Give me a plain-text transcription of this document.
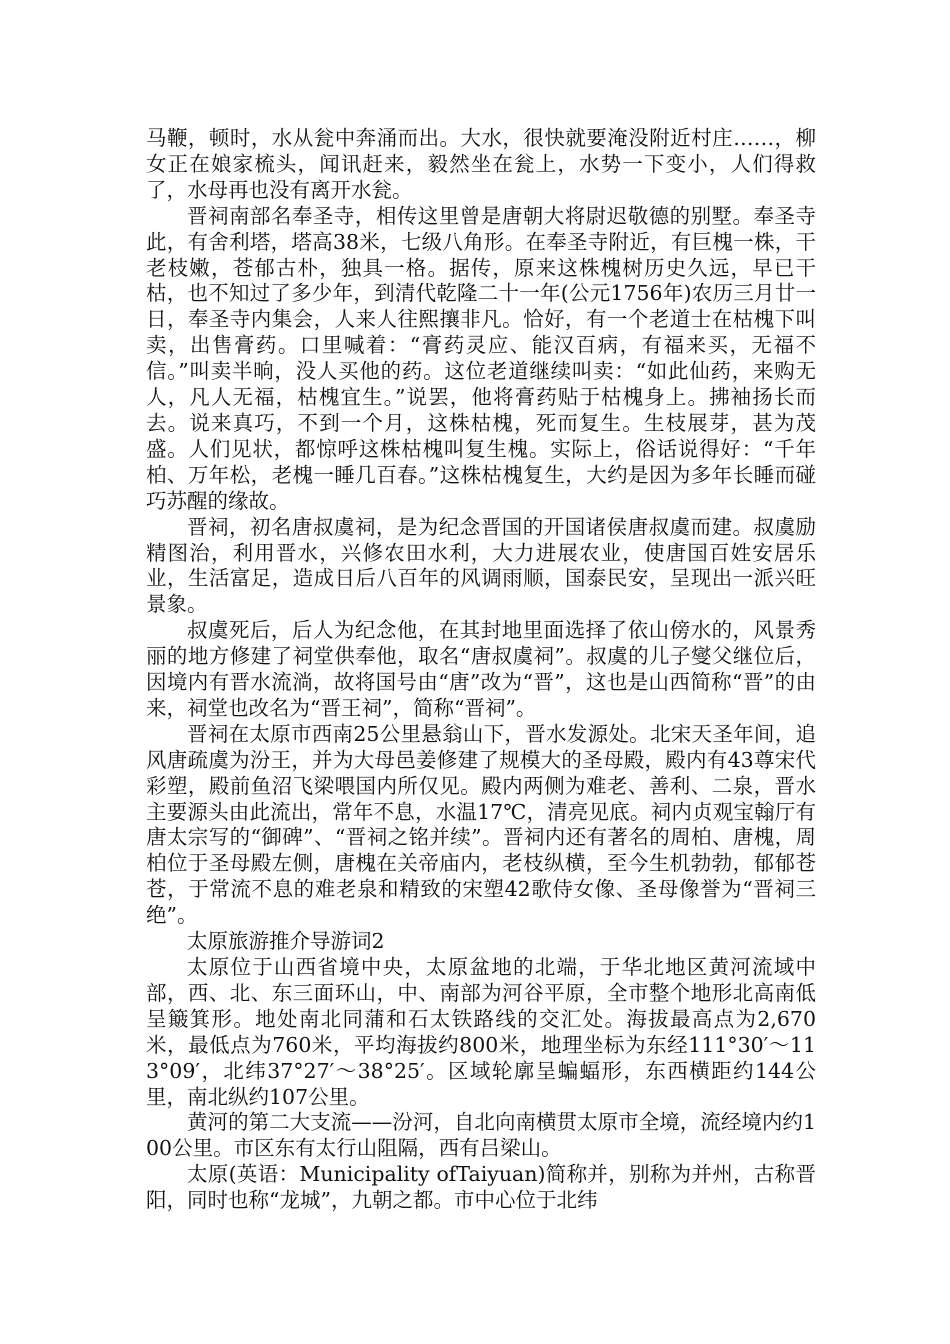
马鞭，顿时，水从瓮中奔涌而出。大水，很快就要淹没附近村庄……，柳女正在娘家梳头，闻讯赶来，毅然坐在瓮上，水势一下变小，人们得救了，水母再也没有离开水瓮。

晋祠南部名奉圣寺，相传这里曾是唐朝大将尉迟敬德的别墅。奉圣寺此，有舍利塔，塔高38米，七级八角形。在奉圣寺附近，有巨槐一株，干老枝嫩，苍郁古朴，独具一格。据传，原来这株槐树历史久远，早已干枯，也不知过了多少年，到清代乾隆二十一年(公元1756年)农历三月廿一日，奉圣寺内集会，人来人往熙攘非凡。恰好，有一个老道士在枯槐下叫卖，出售膏药。口里喊着：“膏药灵应、能汉百病，有福来买，无福不信。”叫卖半晌，没人买他的药。这位老道继续叫卖：“如此仙药，来购无人，凡人无福，枯槐宜生。”说罢，他将膏药贴于枯槐身上。拂袖扬长而去。说来真巧，不到一个月，这株枯槐，死而复生。生枝展芽，甚为茂盛。人们见状，都惊呼这株枯槐叫复生槐。实际上，俗话说得好：“千年柏、万年松，老槐一睡几百春。”这株枯槐复生，大约是因为多年长睡而碰巧苏醒的缘故。

晋祠，初名唐叔虞祠，是为纪念晋国的开国诸侯唐叔虞而建。叔虞励精图治，利用晋水，兴修农田水利，大力进展农业，使唐国百姓安居乐业，生活富足，造成日后八百年的风调雨顺，国泰民安，呈现出一派兴旺景象。

叔虞死后，后人为纪念他，在其封地里面选择了依山傍水的，风景秀丽的地方修建了祠堂供奉他，取名“唐叔虞祠”。叔虞的儿子燮父继位后，因境内有晋水流淌，故将国号由“唐”改为“晋”，这也是山西简称“晋”的由来，祠堂也改名为“晋王祠”，简称“晋祠”。

晋祠在太原市西南25公里悬翁山下，晋水发源处。北宋天圣年间，追风唐疏虞为汾王，并为大母邑姜修建了规模大的圣母殿，殿内有43尊宋代彩塑，殿前鱼沼飞梁喂国内所仅见。殿内两侧为难老、善利、二泉，晋水主要源头由此流出，常年不息，水温17℃，清亮见底。祠内贞观宝翰厅有唐太宗写的“御碑”、“晋祠之铭并续”。晋祠内还有著名的周柏、唐槐，周柏位于圣母殿左侧，唐槐在关帝庙内，老枝纵横，至今生机勃勃，郁郁苍苍，于常流不息的难老泉和精致的宋塑42歌侍女像、圣母像誉为“晋祠三绝”。

太原旅游推介导游词2

太原位于山西省境中央，太原盆地的北端，于华北地区黄河流域中部，西、北、东三面环山，中、南部为河谷平原，全市整个地形北高南低呈簸箕形。地处南北同蒲和石太铁路线的交汇处。海拔最高点为2,670米，最低点为760米，平均海拔约800米，地理坐标为东经111°30′～113°09′，北纬37°27′～38°25′。区域轮廓呈蝙蝠形，东西横距约144公里，南北纵约107公里。

黄河的第二大支流——汾河，自北向南横贯太原市全境，流经境内约100公里。市区东有太行山阻隔，西有吕梁山。

太原(英语：Municipality ofTaiyuan)简称并，别称为并州，古称晋阳，同时也称“龙城”，九朝之都。市中心位于北纬
